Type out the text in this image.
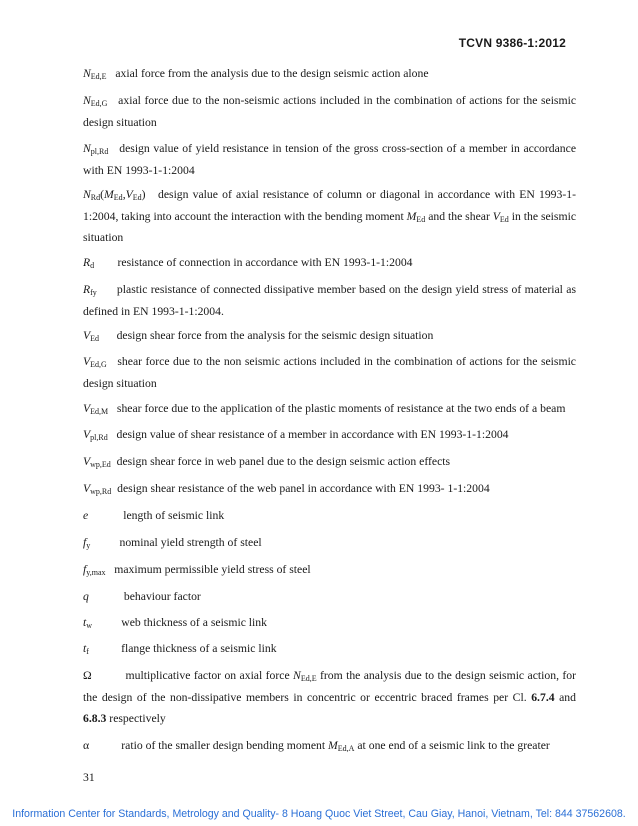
TCVN 9386-1:2012
$N_{Ed,E}$ axial force from the analysis due to the design seismic action alone
$N_{Ed,G}$ axial force due to the non-seismic actions included in the combination of actions for the seismic design situation
$N_{pl,Rd}$ design value of yield resistance in tension of the gross cross-section of a member in accordance with EN 1993-1-1:2004
$N_{Rd}(M_{Ed},V_{Ed})$   design value of axial resistance of column or diagonal in accordance with EN 1993-1-1:2004, taking into account the interaction with the bending moment $M_{Ed}$ and the shear $V_{Ed}$ in the seismic situation
$R_d$ resistance of connection in accordance with EN 1993-1-1:2004
$R_{fy}$ plastic resistance of connected dissipative member based on the design yield stress of material as defined in EN 1993-1-1:2004.
$V_{Ed}$ design shear force from the analysis for the seismic design situation
$V_{Ed,G}$ shear force due to the non seismic actions included in the combination of actions for the seismic design situation
$V_{Ed,M}$ shear force due to the application of the plastic moments of resistance at the two ends of a beam
$V_{pl,Rd}$ design value of shear resistance of a member in accordance with EN 1993-1-1:2004
$V_{wp,Ed}$ design shear force in web panel due to the design seismic action effects
$V_{wp,Rd}$ design shear resistance of the web panel in accordance with EN 1993- 1-1:2004
e	length of seismic link
$f_y$ nominal yield strength of steel
$f_{y,max}$ maximum permissible yield stress of steel
q	behaviour factor
$t_w$ web thickness of a seismic link
$t_f$	flange thickness of a seismic link
Ω	multiplicative factor on axial force $N_{Ed,E}$ from the analysis due to the design seismic action, for the design of the non-dissipative members in concentric or eccentric braced frames per Cl. 6.7.4 and 6.8.3 respectively
α	ratio of the smaller design bending moment $M_{Ed,A}$ at one end of a seismic link to the greater
31
Information Center for Standards, Metrology and Quality- 8 Hoang Quoc Viet Street, Cau Giay, Hanoi, Vietnam, Tel: 844 37562608.
